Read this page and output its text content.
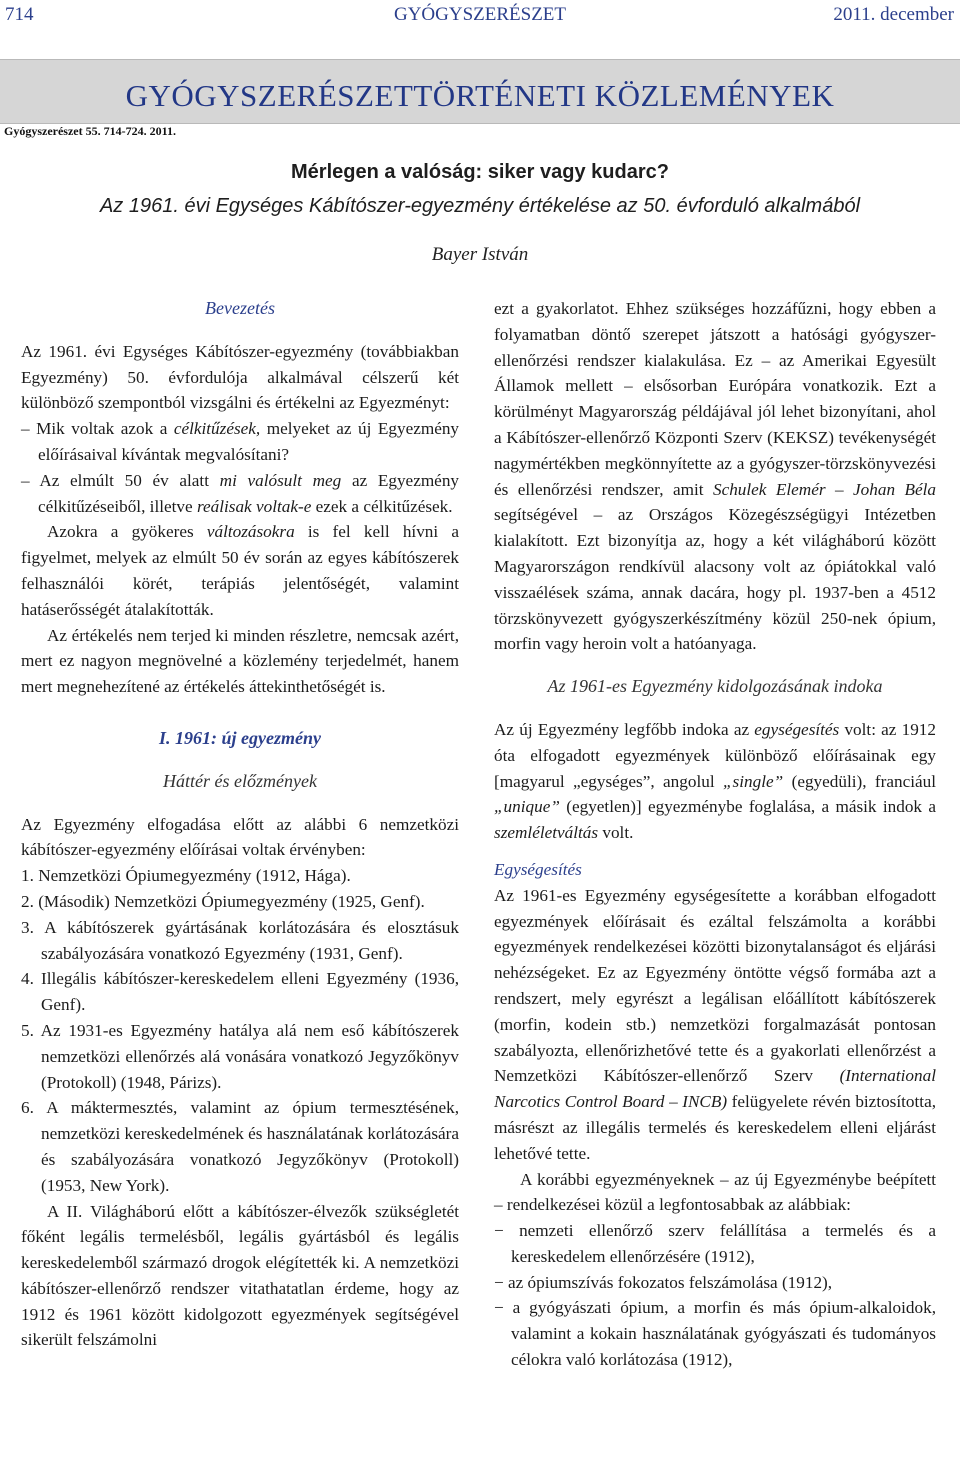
714	GYÓGYSZERÉSZET	2011. december
GYÓGYSZERÉSZETTÖRTÉNETI KÖZLEMÉNYEK
Gyógyszerészet 55. 714-724. 2011.
Mérlegen a valóság: siker vagy kudarc?
Az 1961. évi Egységes Kábítószer-egyezmény értékelése az 50. évforduló alkalmából
Bayer István

Bevezetés

Az 1961. évi Egységes Kábítószer-egyezmény (továbbiakban Egyezmény) 50. évfordulója alkalmával célszerű két különböző szempontból vizsgálni és értékelni az Egyezményt:

– Mik voltak azok a célkitűzések, melyeket az új Egyezmény előírásaival kívántak megvalósítani?

– Az elmúlt 50 év alatt mi valósult meg az Egyezmény célkitűzéseiből, illetve reálisak voltak-e ezek a célkitűzések.

Azokra a gyökeres változásokra is fel kell hívni a figyelmet, melyek az elmúlt 50 év során az egyes kábítószerek felhasználói körét, terápiás jelentőségét, valamint hatáserősségét átalakították.

Az értékelés nem terjed ki minden részletre, nemcsak azért, mert ez nagyon megnövelné a közlemény terjedelmét, hanem mert megnehezítené az értékelés áttekinthetőségét is.

I. 1961: új egyezmény

Háttér és előzmények

Az Egyezmény elfogadása előtt az alábbi 6 nemzetközi kábítószer-egyezmény előírásai voltak érvényben:

1. Nemzetközi Ópiumegyezmény (1912, Hága).

2. (Második) Nemzetközi Ópiumegyezmény (1925, Genf).

3. A kábítószerek gyártásának korlátozására és elosztásuk szabályozására vonatkozó Egyezmény (1931, Genf).

4. Illegális kábítószer-kereskedelem elleni Egyezmény (1936, Genf).

5. Az 1931-es Egyezmény hatálya alá nem eső kábítószerek nemzetközi ellenőrzés alá vonására vonatkozó Jegyzőkönyv (Protokoll) (1948, Párizs).

6. A máktermesztés, valamint az ópium termesztésének, nemzetközi kereskedelmének és használatának korlátozására és szabályozására vonatkozó Jegyzőkönyv (Protokoll) (1953, New York).

A II. Világháború előtt a kábítószer-élvezők szükségletét főként legális termelésből, legális gyártásból és legális kereskedelemből származó drogok elégítették ki. A nemzetközi kábítószer-ellenőrző rendszer vitathatatlan érdeme, hogy az 1912 és 1961 között kidolgozott egyezmények segítségével sikerült felszámolni

ezt a gyakorlatot. Ehhez szükséges hozzáfűzni, hogy ebben a folyamatban döntő szerepet játszott a hatósági gyógyszer-ellenőrzési rendszer kialakulása. Ez – az Amerikai Egyesült Államok mellett – elsősorban Európára vonatkozik. Ezt a körülményt Magyarország példájával jól lehet bizonyítani, ahol a Kábítószer-ellenőrző Központi Szerv (KEKSZ) tevékenységét nagymértékben megkönnyítette az a gyógyszer-törzskönyvezési és ellenőrzési rendszer, amit Schulek Elemér – Johan Béla segítségével – az Országos Közegészségügyi Intézetben kialakított. Ezt bizonyítja az, hogy a két világháború között Magyarországon rendkívül alacsony volt az ópiátokkal való visszaélések száma, annak dacára, hogy pl. 1937-ben a 4512 törzskönyvezett gyógyszerkészítmény közül 250-nek ópium, morfin vagy heroin volt a hatóanyaga.

Az 1961-es Egyezmény kidolgozásának indoka

Az új Egyezmény legfőbb indoka az egységesítés volt: az 1912 óta elfogadott egyezmények különböző előírásainak egy [magyarul „egységes”, angolul „single” (egyedüli), franciául „unique” (egyetlen)] egyezménybe foglalása, a másik indok a szemléletváltás volt.

Egységesítés

Az 1961-es Egyezmény egységesítette a korábban elfogadott egyezmények előírásait és ezáltal felszámolta a korábbi egyezmények rendelkezései közötti bizonytalanságot és eljárási nehézségeket. Ez az Egyezmény öntötte végső formába azt a rendszert, mely egyrészt a legálisan előállított kábítószerek (morfin, kodein stb.) nemzetközi forgalmazását pontosan szabályozta, ellenőrizhetővé tette és a gyakorlati ellenőrzést a Nemzetközi Kábítószer-ellenőrző Szerv (International Narcotics Control Board – INCB) felügyelete révén biztosította, másrészt az illegális termelés és kereskedelem elleni eljárást lehetővé tette.

A korábbi egyezményeknek – az új Egyezménybe beépített – rendelkezései közül a legfontosabbak az alábbiak:

− nemzeti ellenőrző szerv felállítása a termelés és a kereskedelem ellenőrzésére (1912),

− az ópiumszívás fokozatos felszámolása (1912),

− a gyógyászati ópium, a morfin és más ópium-alkaloidok, valamint a kokain használatának gyógyászati és tudományos célokra való korlátozása (1912),
